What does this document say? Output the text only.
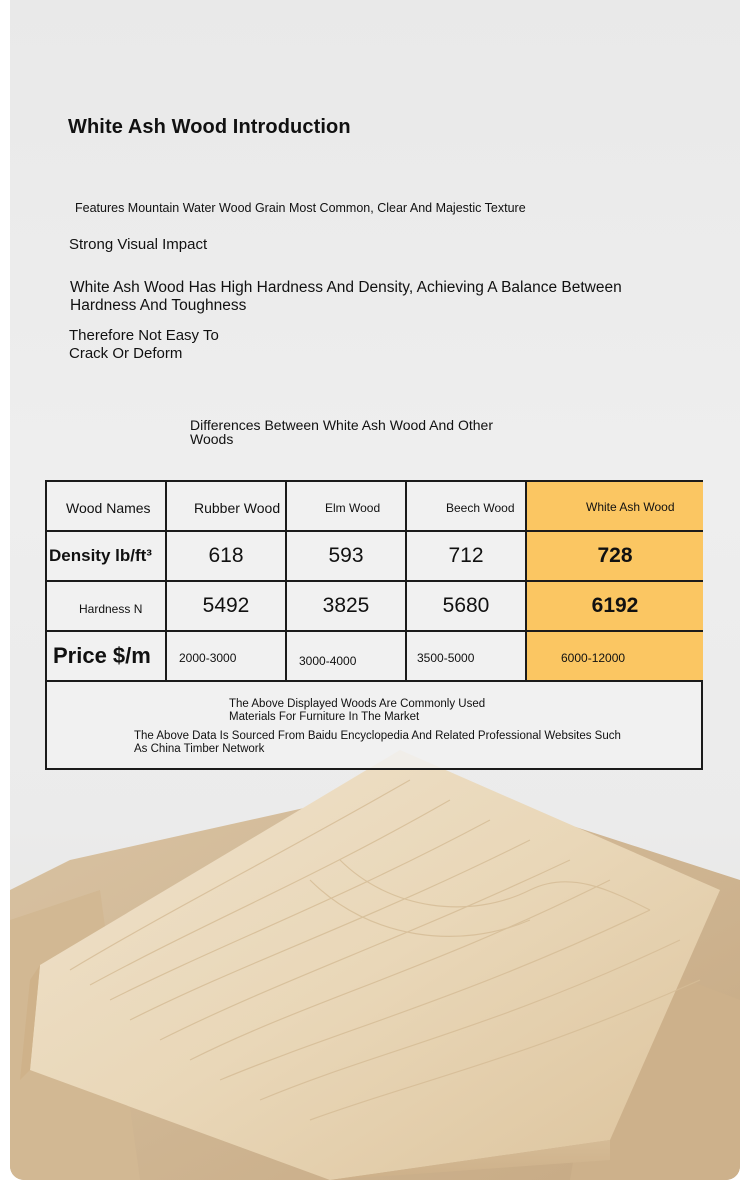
White Ash Wood Introduction
Features Mountain Water Wood Grain Most Common, Clear And Majestic Texture
Strong Visual Impact
White Ash Wood Has High Hardness And Density, Achieving A Balance Between Hardness And Toughness
Therefore Not Easy To Crack Or Deform
Differences Between White Ash Wood And Other Woods
Wood Names	Rubber Wood	Elm Wood	Beech Wood	White Ash Wood
Density lb/ft³	618	593	712	728
Hardness N	5492	3825	5680	6192
Price $/m	2000-3000	3000-4000	3500-5000	6000-12000
The Above Displayed Woods Are Commonly Used Materials For Furniture In The Market
The Above Data Is Sourced From Baidu Encyclopedia And Related Professional Websites Such As China Timber Network
